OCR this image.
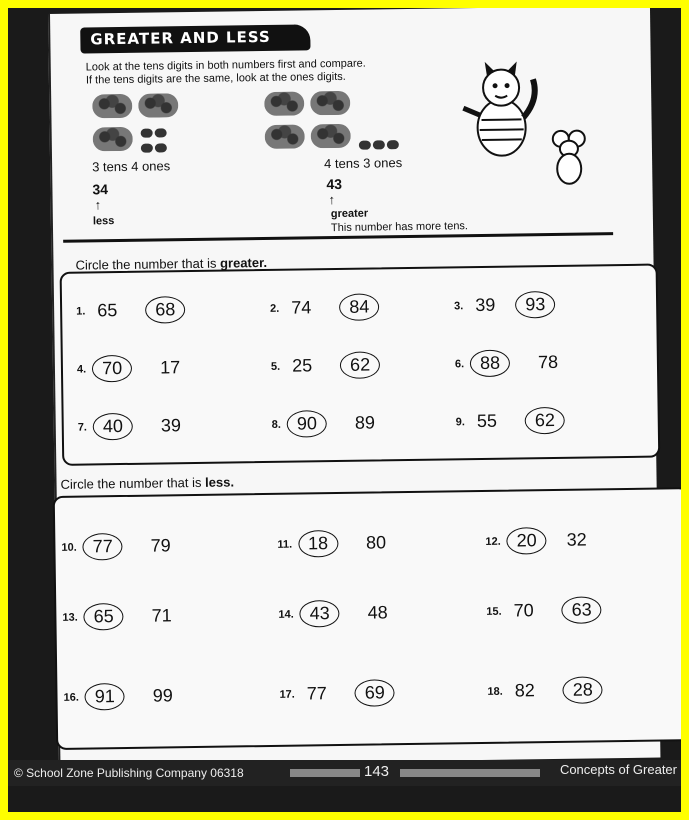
GREATER AND LESS
Look at the tens digits in both numbers first and compare.
If the tens digits are the same, look at the ones digits.

3 tens 4 ones
34
↑
less

4 tens 3 ones
43
↑
greater
This number has more tens.
Circle the number that is greater.
1. 65	68	2. 74	84	3. 39	93
4. 70	17	5. 25	62	6. 88	78
7. 40	39	8. 90	89	9. 55	62
Circle the number that is less.
10. 77	79	11. 18	80	12. 20	32
13. 65	71	14. 43	48	15. 70	63
16. 91	99	17. 77	69	18. 82	28
© School Zone Publishing Company 06318	143	Concepts of Greater
